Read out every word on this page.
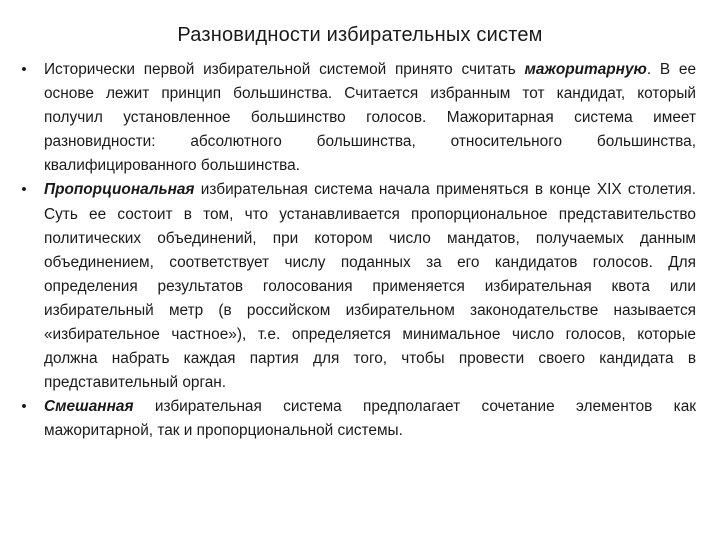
Разновидности избирательных систем
•	Исторически первой избирательной системой принято считать мажоритарную. В ее основе лежит принцип большинства. Считается избранным тот кандидат, который получил установленное большинство голосов. Мажоритарная система имеет разновидности: абсолютного большинства, относительного большинства, квалифицированного большинства.
•	Пропорциональная избирательная система начала применяться в конце XIX столетия. Суть ее состоит в том, что устанавливается пропорциональное представительство политических объединений, при котором число мандатов, получаемых данным объединением, соответствует числу поданных за его кандидатов голосов. Для определения результатов голосования применяется избирательная квота или избирательный метр (в российском избирательном законодательстве называется «избирательное частное»), т.е. определяется минимальное число голосов, которые должна набрать каждая партия для того, чтобы провести своего кандидата в представительный орган.
•	Смешанная избирательная система предполагает сочетание элементов как мажоритарной, так и пропорциональной системы.
